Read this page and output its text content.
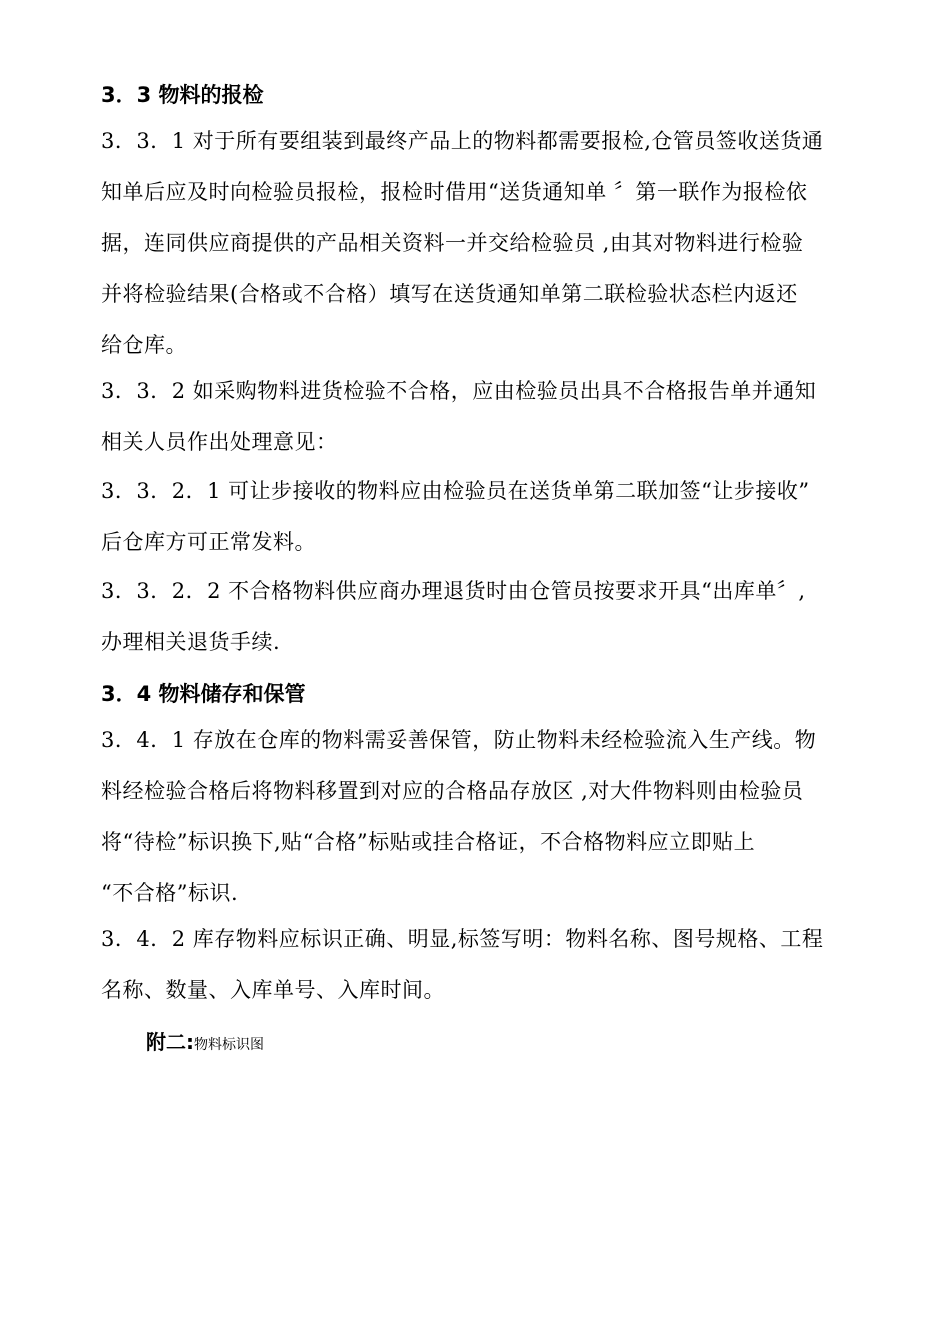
3．3 物料的报检
3．3．1 对于所有要组装到最终产品上的物料都需要报检,仓管员签收送货通
知单后应及时向检验员报检，报检时借用“送货通知单 〞第一联作为报检依
据，连同供应商提供的产品相关资料一并交给检验员 ,由其对物料进行检验
并将检验结果(合格或不合格）填写在送货通知单第二联检验状态栏内返还
给仓库。
3．3．2 如采购物料进货检验不合格，应由检验员出具不合格报告单并通知
相关人员作出处理意见：
3．3．2．1 可让步接收的物料应由检验员在送货单第二联加签“让步接收”
后仓库方可正常发料。
3．3．2．2 不合格物料供应商办理退货时由仓管员按要求开具“出库单〞,
办理相关退货手续.
3．4 物料储存和保管
3．4．1 存放在仓库的物料需妥善保管，防止物料未经检验流入生产线。物
料经检验合格后将物料移置到对应的合格品存放区 ,对大件物料则由检验员
将“待检”标识换下,贴“合格”标贴或挂合格证，不合格物料应立即贴上
“不合格”标识.
3．4．2 库存物料应标识正确、明显,标签写明：物料名称、图号规格、工程
名称、数量、入库单号、入库时间。
附二:物料标识图
